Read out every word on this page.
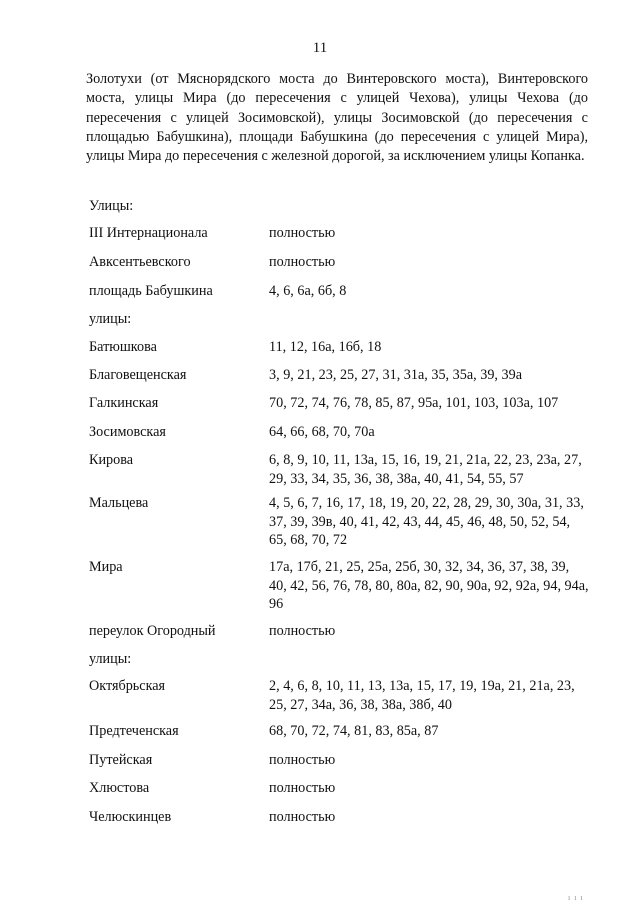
11
Золотухи (от Мяснорядского моста до Винтеровского моста), Винтеровского моста, улицы Мира (до пересечения с улицей Чехова), улицы Чехова (до пересечения с улицей Зосимовской), улицы Зосимовской (до пересечения с площадью Бабушкина), площади Бабушкина (до пересечения с улицей Мира), улицы Мира до пересечения с железной дорогой, за исключением улицы Копанка.
Улицы:
III Интернационала	полностью
Авксентьевского	полностью
площадь Бабушкина	4, 6, 6а, 6б, 8
улицы:
Батюшкова	11, 12, 16а, 16б, 18
Благовещенская	3, 9, 21, 23, 25, 27, 31, 31а, 35, 35а, 39, 39а
Галкинская	70, 72, 74, 76, 78, 85, 87, 95а, 101, 103, 103а, 107
Зосимовская	64, 66, 68, 70, 70а
Кирова	6, 8, 9, 10, 11, 13а, 15, 16, 19, 21, 21а, 22, 23, 23а, 27, 29, 33, 34, 35, 36, 38, 38а, 40, 41, 54, 55, 57
Мальцева	4, 5, 6, 7, 16, 17, 18, 19, 20, 22, 28, 29, 30, 30а, 31, 33, 37, 39, 39в, 40, 41, 42, 43, 44, 45, 46, 48, 50, 52, 54, 65, 68, 70, 72
Мира	17а, 17б, 21, 25, 25а, 25б, 30, 32, 34, 36, 37, 38, 39, 40, 42, 56, 76, 78, 80, 80а, 82, 90, 90а, 92, 92а, 94, 94а, 96
переулок Огородный	полностью
улицы:
Октябрьская	2, 4, 6, 8, 10, 11, 13, 13а, 15, 17, 19, 19а, 21, 21а, 23, 25, 27, 34а, 36, 38, 38а, 38б, 40
Предтеченская	68, 70, 72, 74, 81, 83, 85а, 87
Путейская	полностью
Хлюстова	полностью
Челюскинцев	полностью
ı ı ı
